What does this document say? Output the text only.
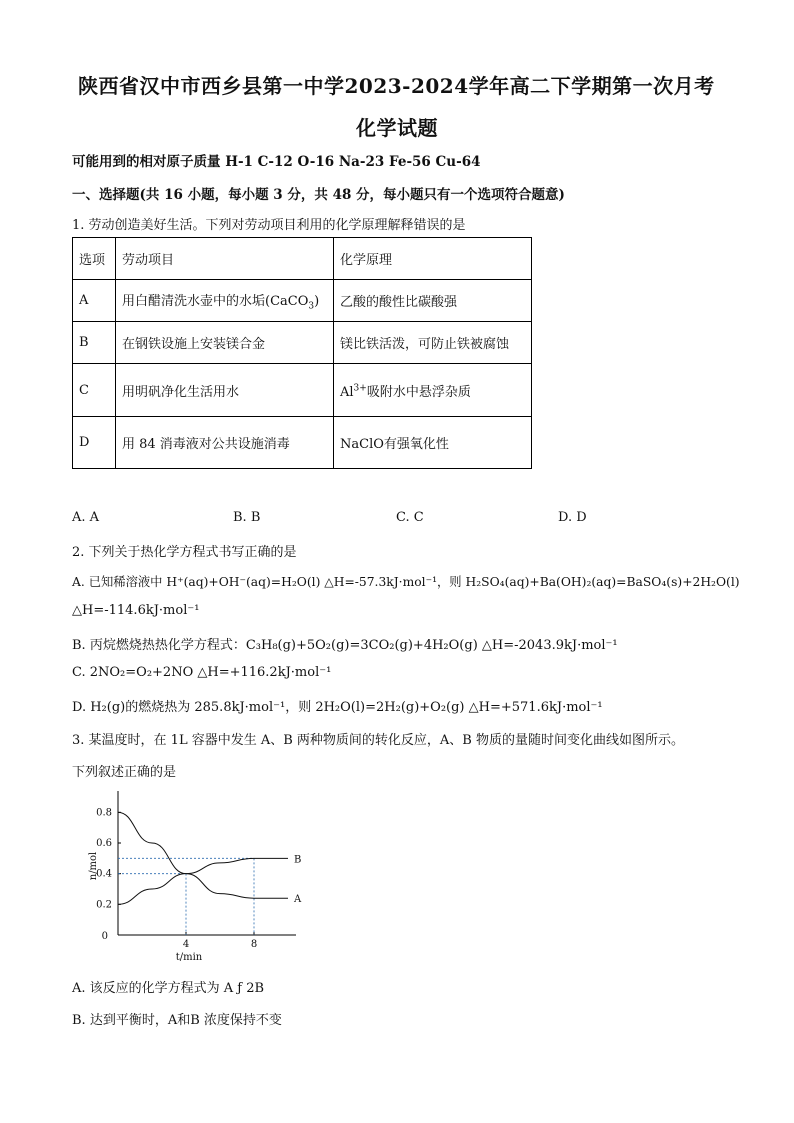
陕西省汉中市西乡县第一中学2023-2024学年高二下学期第一次月考
化学试题
可能用到的相对原子质量 H-1 C-12 O-16 Na-23 Fe-56 Cu-64
一、选择题(共 16 小题，每小题 3 分，共 48 分，每小题只有一个选项符合题意)
1. 劳动创造美好生活。下列对劳动项目利用的化学原理解释错误的是
选项	劳动项目	化学原理
A	用白醋清洗水壶中的水垢(CaCO$_3$)	乙酸的酸性比碳酸强
B	在钢铁设施上安装镁合金	镁比铁活泼，可防止铁被腐蚀
C	用明矾净化生活用水	$Al^{3+}$吸附水中悬浮杂质
D	用 84 消毒液对公共设施消毒	NaClO有强氧化性
A. A	B. B	C. C	D. D
2. 下列关于热化学方程式书写正确的是
A. 已知稀溶液中 H⁺(aq)+OH⁻(aq)=H₂O(l) △H=-57.3kJ·mol⁻¹，则 H₂SO₄(aq)+Ba(OH)₂(aq)=BaSO₄(s)+2H₂O(l)
△H=-114.6kJ·mol⁻¹
B. 丙烷燃烧热热化学方程式：C₃H₈(g)+5O₂(g)=3CO₂(g)+4H₂O(g) △H=-2043.9kJ·mol⁻¹
C. 2NO₂=O₂+2NO △H=+116.2kJ·mol⁻¹
D. H₂(g)的燃烧热为 285.8kJ·mol⁻¹，则 2H₂O(l)=2H₂(g)+O₂(g) △H=+571.6kJ·mol⁻¹
3. 某温度时，在 1L 容器中发生 A、B 两种物质间的转化反应，A、B 物质的量随时间变化曲线如图所示。
下列叙述正确的是
0.2
0.4
0.6
0.8
0
4	8
t/min
n/mol
A
B
A. 该反应的化学方程式为 A ƒ 2B
B. 达到平衡时，A和B 浓度保持不变
